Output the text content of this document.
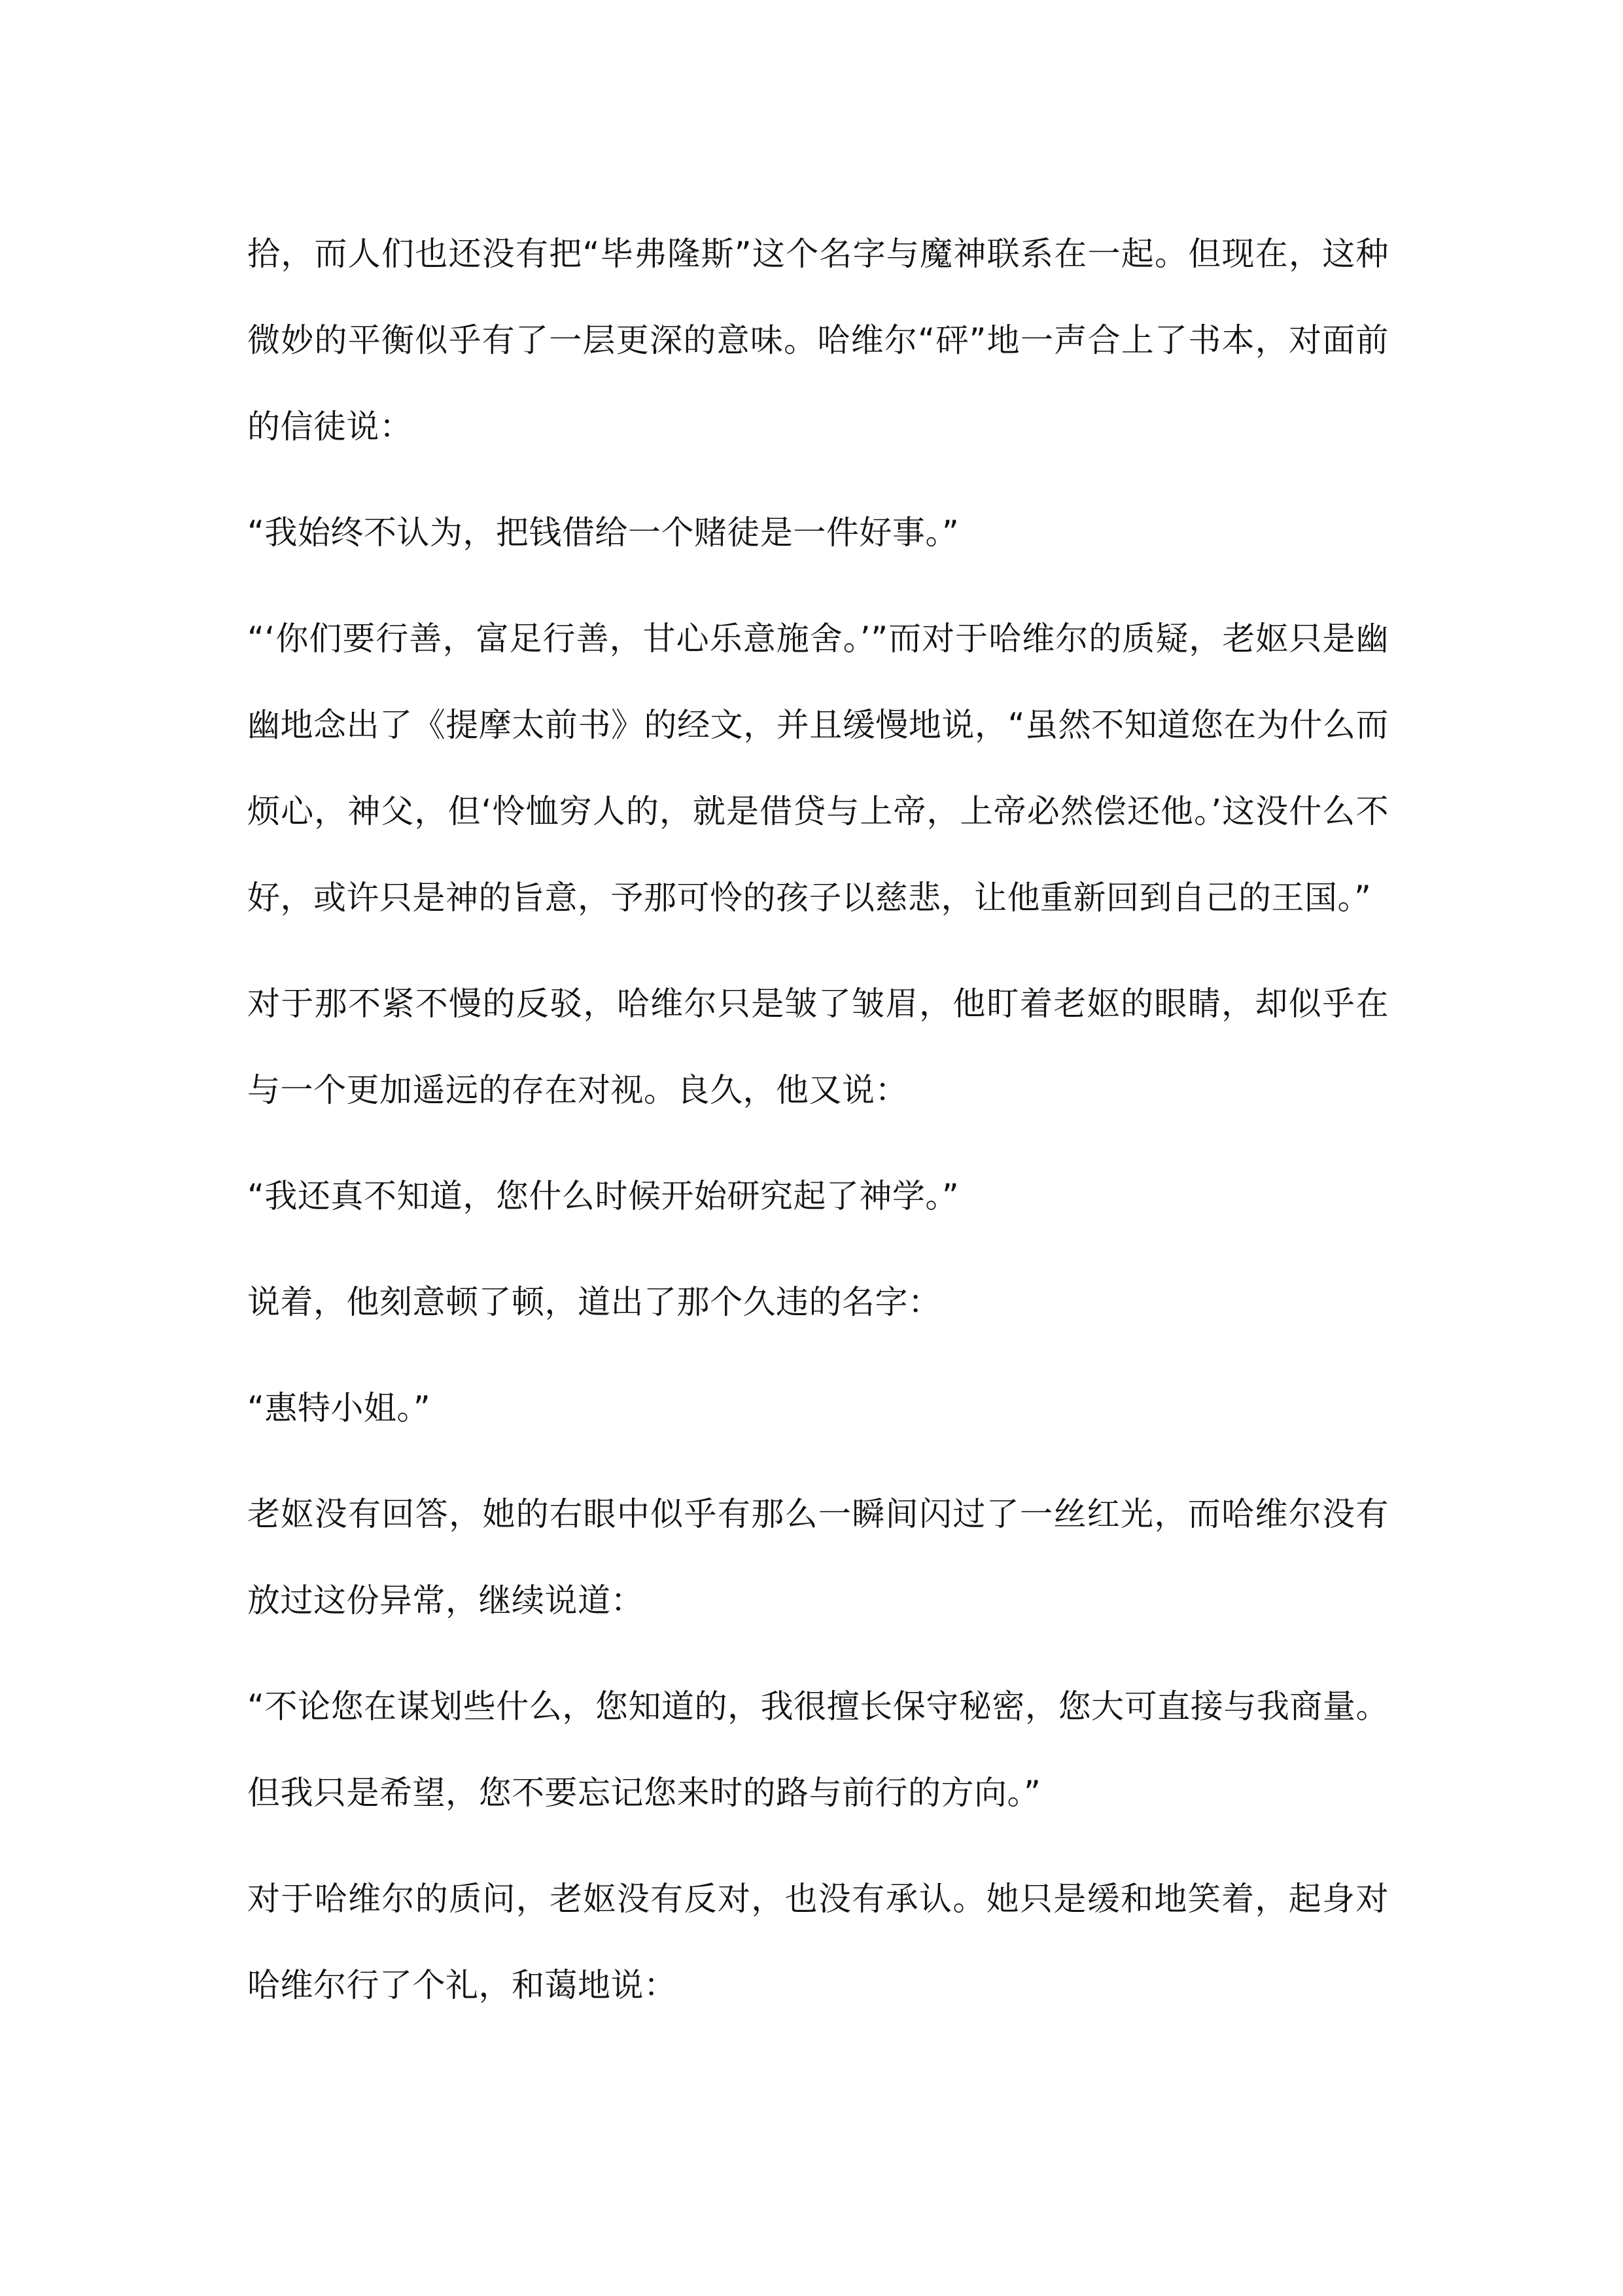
拾，而人们也还没有把“毕弗隆斯”这个名字与魔神联系在一起。但现在，这种微妙的平衡似乎有了一层更深的意味。哈维尔“砰”地一声合上了书本，对面前的信徒说：

“我始终不认为，把钱借给一个赌徒是一件好事。”

“‘你们要行善，富足行善，甘心乐意施舍。’”而对于哈维尔的质疑，老妪只是幽幽地念出了《提摩太前书》的经文，并且缓慢地说，“虽然不知道您在为什么而烦心，神父，但‘怜恤穷人的，就是借贷与上帝，上帝必然偿还他。’这没什么不好，或许只是神的旨意，予那可怜的孩子以慈悲，让他重新回到自己的王国。”

对于那不紧不慢的反驳，哈维尔只是皱了皱眉，他盯着老妪的眼睛，却似乎在与一个更加遥远的存在对视。良久，他又说：

“我还真不知道，您什么时候开始研究起了神学。”

说着，他刻意顿了顿，道出了那个久违的名字：

“惠特小姐。”

老妪没有回答，她的右眼中似乎有那么一瞬间闪过了一丝红光，而哈维尔没有放过这份异常，继续说道：

“不论您在谋划些什么，您知道的，我很擅长保守秘密，您大可直接与我商量。但我只是希望，您不要忘记您来时的路与前行的方向。”

对于哈维尔的质问，老妪没有反对，也没有承认。她只是缓和地笑着，起身对哈维尔行了个礼，和蔼地说：
